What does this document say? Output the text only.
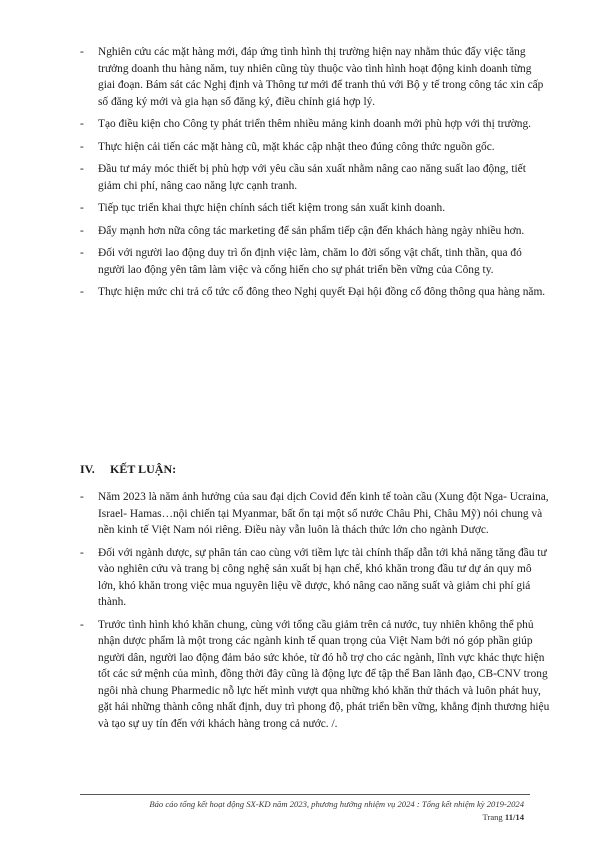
- Nghiên cứu các mặt hàng mới, đáp ứng tình hình thị trường hiện nay nhằm thúc đẩy việc tăng trưởng doanh thu hàng năm, tuy nhiên cũng tùy thuộc vào tình hình hoạt động kinh doanh từng giai đoạn. Bám sát các Nghị định và Thông tư mới để tranh thủ với Bộ y tế trong công tác xin cấp số đăng ký mới và gia hạn số đăng ký, điều chỉnh giá hợp lý.
- Tạo điều kiện cho Công ty phát triển thêm nhiều mảng kinh doanh mới phù hợp với thị trường.
- Thực hiện cải tiến các mặt hàng cũ, mặt khác cập nhật theo đúng công thức nguồn gốc.
- Đầu tư máy móc thiết bị phù hợp với yêu cầu sản xuất nhằm nâng cao năng suất lao động, tiết giảm chi phí, nâng cao năng lực cạnh tranh.
- Tiếp tục triển khai thực hiện chính sách tiết kiệm trong sản xuất kinh doanh.
- Đẩy mạnh hơn nữa công tác marketing để sản phẩm tiếp cận đến khách hàng ngày nhiều hơn.
- Đối với người lao động duy trì ổn định việc làm, chăm lo đời sống vật chất, tinh thần, qua đó người lao động yên tâm làm việc và cống hiến cho sự phát triển bền vững của Công ty.
- Thực hiện mức chi trả cổ tức cổ đông theo Nghị quyết Đại hội đồng cổ đông thông qua hàng năm.
IV. KẾT LUẬN:
- Năm 2023 là năm ảnh hưởng của sau đại dịch Covid đến kinh tế toàn cầu (Xung đột Nga- Ucraina, Israel- Hamas…nội chiến tại Myanmar, bất ổn tại một số nước Châu Phi, Châu Mỹ) nói chung và nền kinh tế Việt Nam nói riêng. Điều này vẫn luôn là thách thức lớn cho ngành Dược.
- Đối với ngành dược, sự phân tán cao cùng với tiềm lực tài chính thấp dẫn tới khả năng tăng đầu tư vào nghiên cứu và trang bị công nghệ sản xuất bị hạn chế, khó khăn trong đầu tư dự án quy mô lớn, khó khăn trong việc mua nguyên liệu về dược, khó nâng cao năng suất và giảm chi phí giá thành.
- Trước tình hình khó khăn chung, cùng với tổng cầu giảm trên cả nước, tuy nhiên không thể phủ nhận dược phẩm là một trong các ngành kinh tế quan trọng của Việt Nam bởi nó góp phần giúp người dân, người lao động đảm bảo sức khỏe, từ đó hỗ trợ cho các ngành, lĩnh vực khác thực hiện tốt các sứ mệnh của mình, đồng thời đây cũng là động lực để tập thể Ban lãnh đạo, CB-CNV trong ngôi nhà chung Pharmedic nỗ lực hết mình vượt qua những khó khăn thử thách và luôn phát huy, gặt hái những thành công nhất định, duy trì phong độ, phát triển bền vững, khẳng định thương hiệu và tạo sự uy tín đến với khách hàng trong cả nước. /.
Báo cáo tổng kết hoạt động SX-KD năm 2023, phương hướng nhiệm vụ 2024 : Tổng kết nhiệm kỳ 2019-2024
Trang 11/14
